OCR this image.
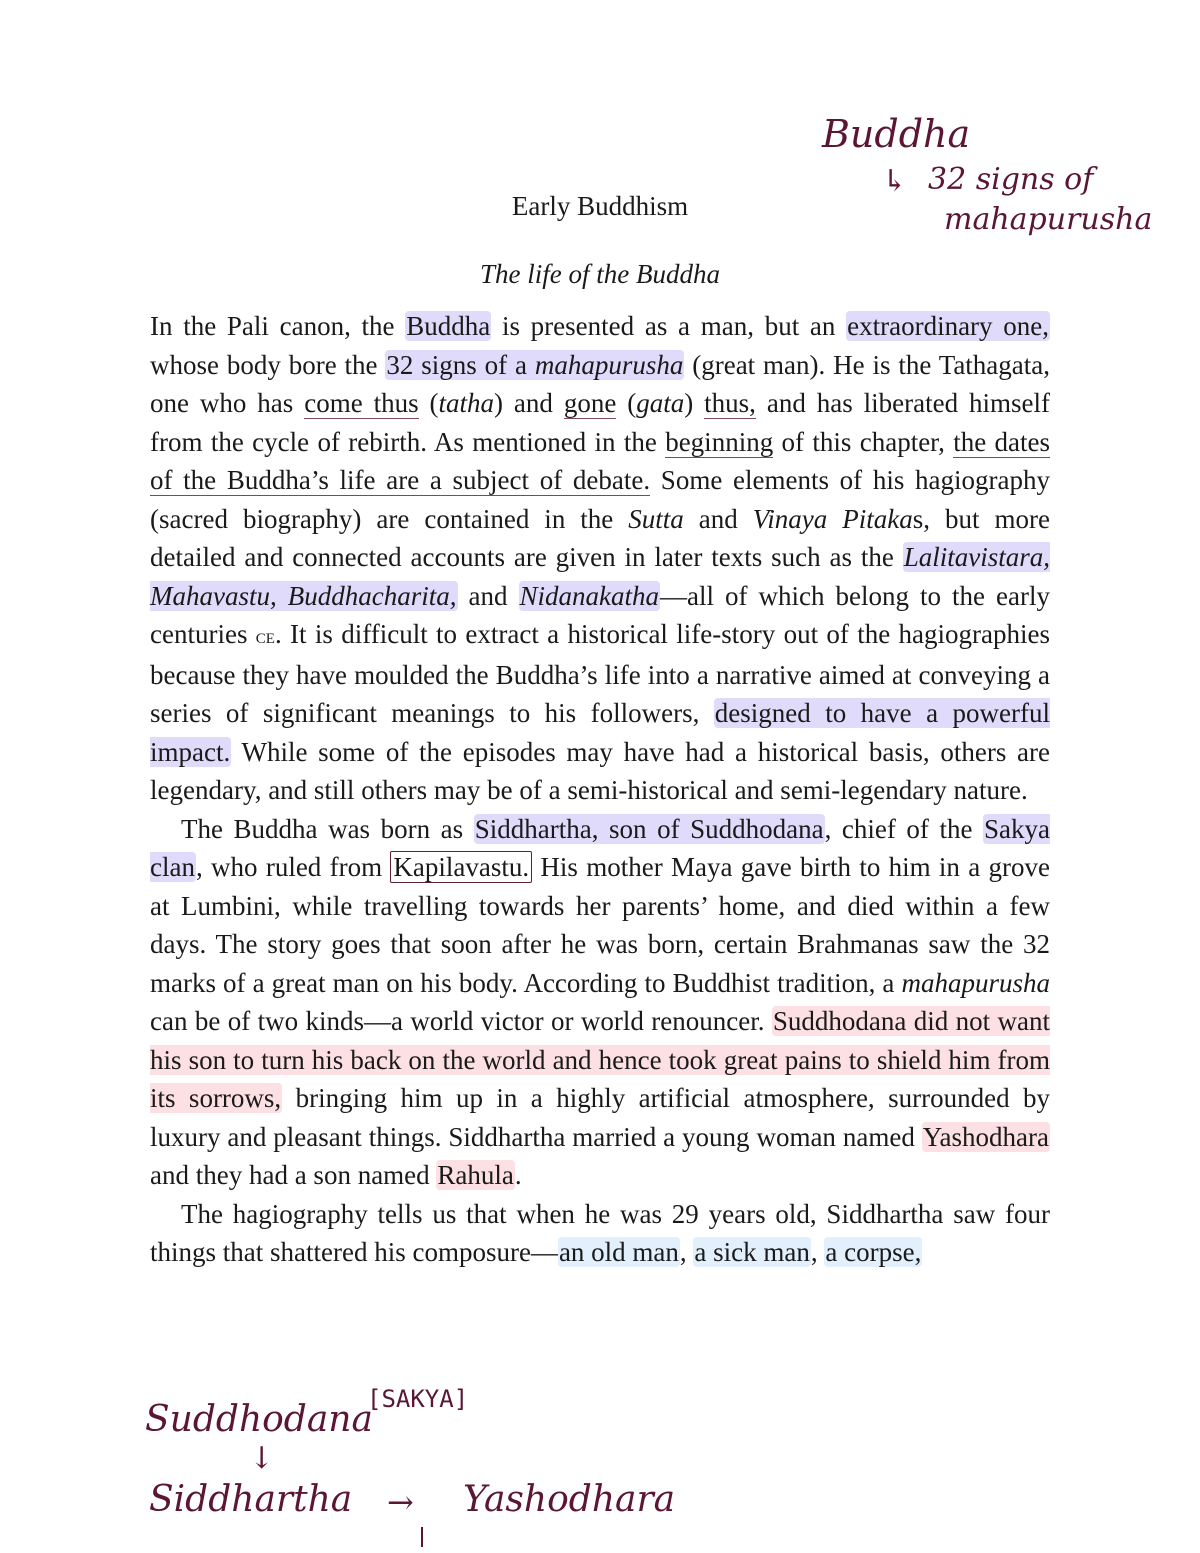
Buddha
↳ 32 signs of
mahapurusha
Early Buddhism
The life of the Buddha

In the Pali canon, the Buddha is presented as a man, but an extraordinary one, whose body bore the 32 signs of a mahapurusha (great man). He is the Tathagata, one who has come thus (tatha) and gone (gata) thus, and has liberated himself from the cycle of rebirth. As mentioned in the beginning of this chapter, the dates of the Buddha’s life are a subject of debate. Some elements of his hagiography (sacred biography) are contained in the Sutta and Vinaya Pitakas, but more detailed and connected accounts are given in later texts such as the Lalitavistara, Mahavastu, Buddhacharita, and Nidanakatha—all of which belong to the early centuries ce. It is difficult to extract a historical life-story out of the hagiographies because they have moulded the Buddha’s life into a narrative aimed at conveying a series of significant meanings to his followers, designed to have a powerful impact. While some of the episodes may have had a historical basis, others are legendary, and still others may be of a semi-historical and semi-legendary nature.

The Buddha was born as Siddhartha, son of Suddhodana, chief of the Sakya clan, who ruled from Kapilavastu. His mother Maya gave birth to him in a grove at Lumbini, while travelling towards her parents’ home, and died within a few days. The story goes that soon after he was born, certain Brahmanas saw the 32 marks of a great man on his body. According to Buddhist tradition, a mahapurusha can be of two kinds—a world victor or world renouncer. Suddhodana did not want his son to turn his back on the world and hence took great pains to shield him from its sorrows, bringing him up in a highly artificial atmosphere, surrounded by luxury and pleasant things. Siddhartha married a young woman named Yashodhara and they had a son named Rahula.

The hagiography tells us that when he was 29 years old, Siddhartha saw four things that shattered his composure—an old man, a sick man, a corpse,

Suddhodana
[SAKYA]
↓
Siddhartha → Yashodhara
